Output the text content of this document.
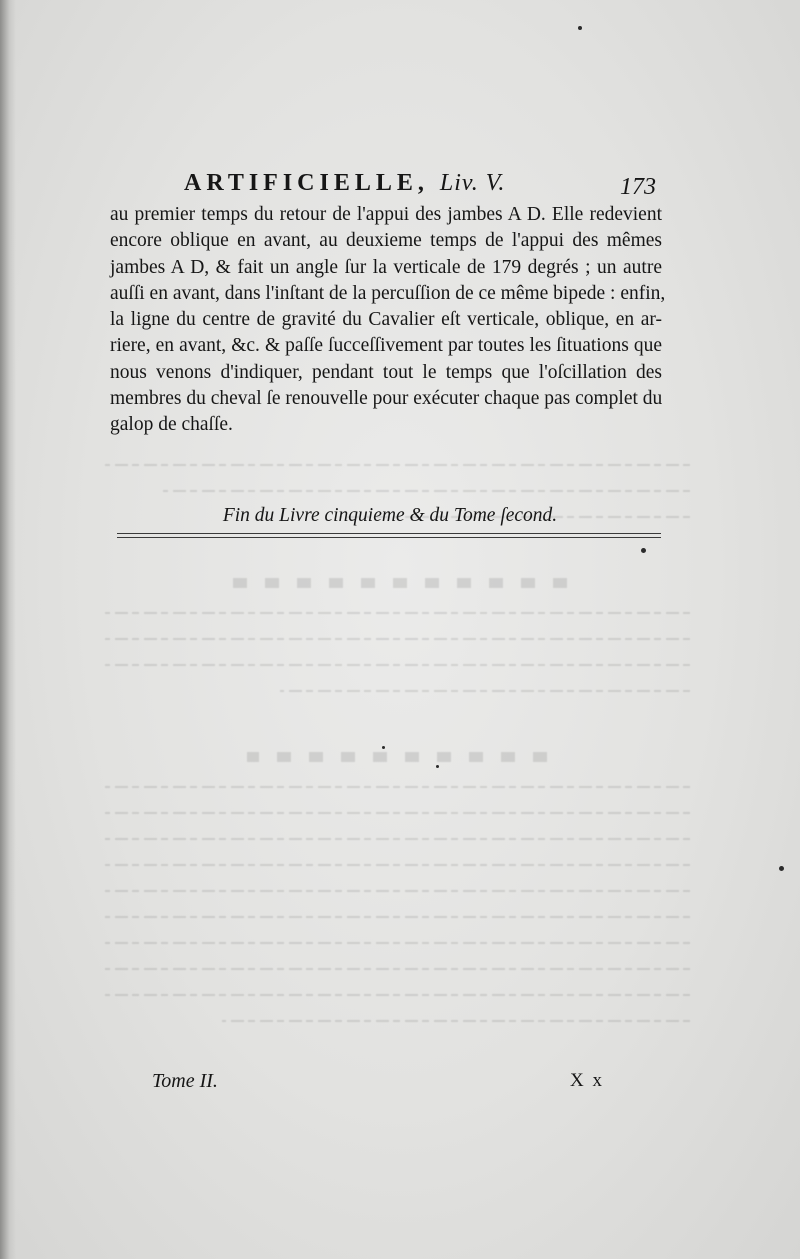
ARTIFICIELLE, Liv. V.	173
au premier temps du retour de l'appui des jambes A D. Elle redevient
encore oblique en avant, au deuxieme temps de l'appui des mêmes
jambes A D, & fait un angle ſur la verticale de 179 degrés ; un autre
auſſi en avant, dans l'inſtant de la percuſſion de ce même bipede : enfin,
la ligne du centre de gravité du Cavalier eſt verticale, oblique, en ar-
riere, en avant, &c. & paſſe ſucceſſivement par toutes les ſituations que
nous venons d'indiquer, pendant tout le temps que l'oſcillation des
membres du cheval ſe renouvelle pour exécuter chaque pas complet du
galop de chaſſe.
Fin du Livre cinquieme & du Tome ſecond.
Tome II.	X x
